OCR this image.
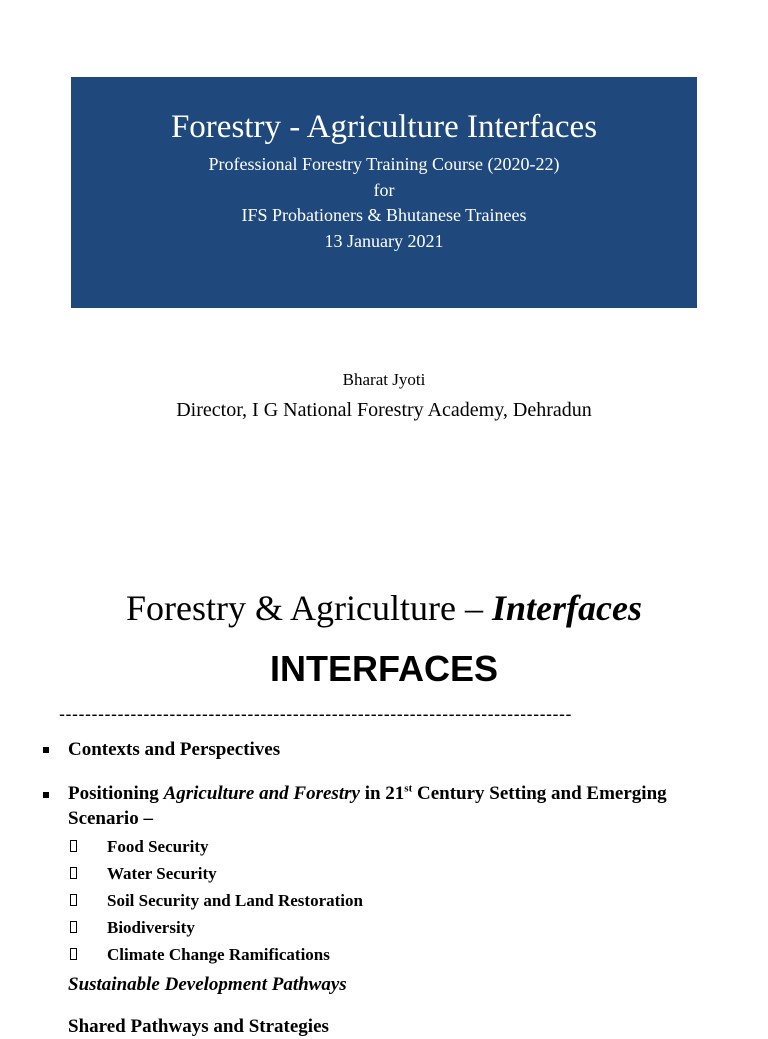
Forestry - Agriculture Interfaces
Professional Forestry Training Course (2020-22)
for
IFS Probationers & Bhutanese Trainees
13 January 2021
Bharat Jyoti
Director, I G National Forestry Academy, Dehradun
Forestry & Agriculture – Interfaces
INTERFACES
-------------------------------------------------------------------------------
Contexts and Perspectives
Positioning Agriculture and Forestry in 21st Century Setting and Emerging Scenario –
Food Security
Water Security
Soil Security and Land Restoration
Biodiversity
Climate Change Ramifications
Sustainable Development Pathways
Shared Pathways and Strategies
